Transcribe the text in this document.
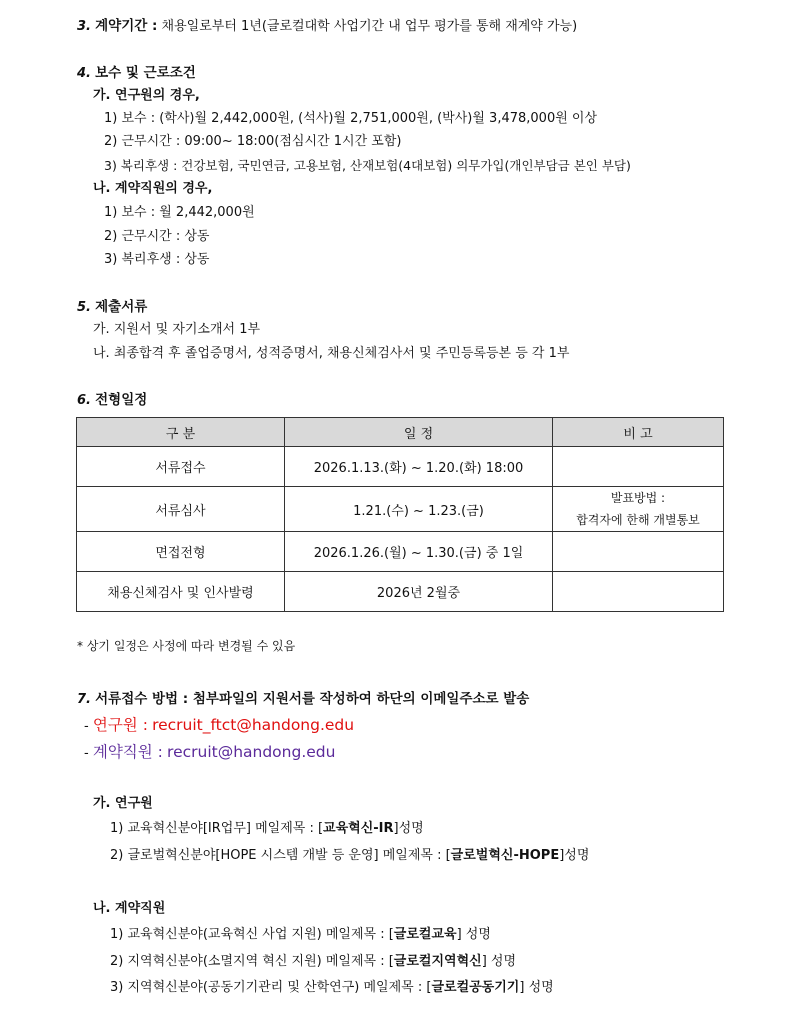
3. 계약기간 : 채용일로부터 1년(글로컬대학 사업기간 내 업무 평가를 통해 재계약 가능)
4. 보수 및 근로조건
가. 연구원의 경우,
1) 보수 : (학사)월 2,442,000원, (석사)월 2,751,000원, (박사)월 3,478,000원 이상
2) 근무시간 : 09:00~ 18:00(점심시간 1시간 포함)
3) 복리후생 : 건강보험, 국민연금, 고용보험, 산재보험(4대보험) 의무가입(개인부담금 본인 부담)
나. 계약직원의 경우,
1) 보수 : 월 2,442,000원
2) 근무시간 : 상동
3) 복리후생 : 상동
5. 제출서류
가. 지원서 및 자기소개서 1부
나. 최종합격 후 졸업증명서, 성적증명서, 채용신체검사서 및 주민등록등본 등 각 1부
6. 전형일정
구 분	일 정	비 고
서류접수	2026.1.13.(화) ~ 1.20.(화) 18:00	
서류심사	1.21.(수) ~ 1.23.(금)	발표방법 :
합격자에 한해 개별통보

면접전형	2026.1.26.(월) ~ 1.30.(금) 중 1일	
채용신체검사 및 인사발령	2026년 2월중	
* 상기 일정은 사정에 따라 변경될 수 있음
7. 서류접수 방법 : 첨부파일의 지원서를 작성하여 하단의 이메일주소로 발송
- 연구원 : recruit_ftct@handong.edu
- 계약직원 : recruit@handong.edu
가. 연구원
1) 교육혁신분야[IR업무] 메일제목 : [교육혁신-IR]성명
2) 글로벌혁신분야[HOPE 시스템 개발 등 운영] 메일제목 : [글로벌혁신-HOPE]성명
나. 계약직원
1) 교육혁신분야(교육혁신 사업 지원) 메일제목 : [글로컬교육] 성명
2) 지역혁신분야(소멸지역 혁신 지원) 메일제목 : [글로컬지역혁신] 성명
3) 지역혁신분야(공동기기관리 및 산학연구) 메일제목 : [글로컬공동기기] 성명
